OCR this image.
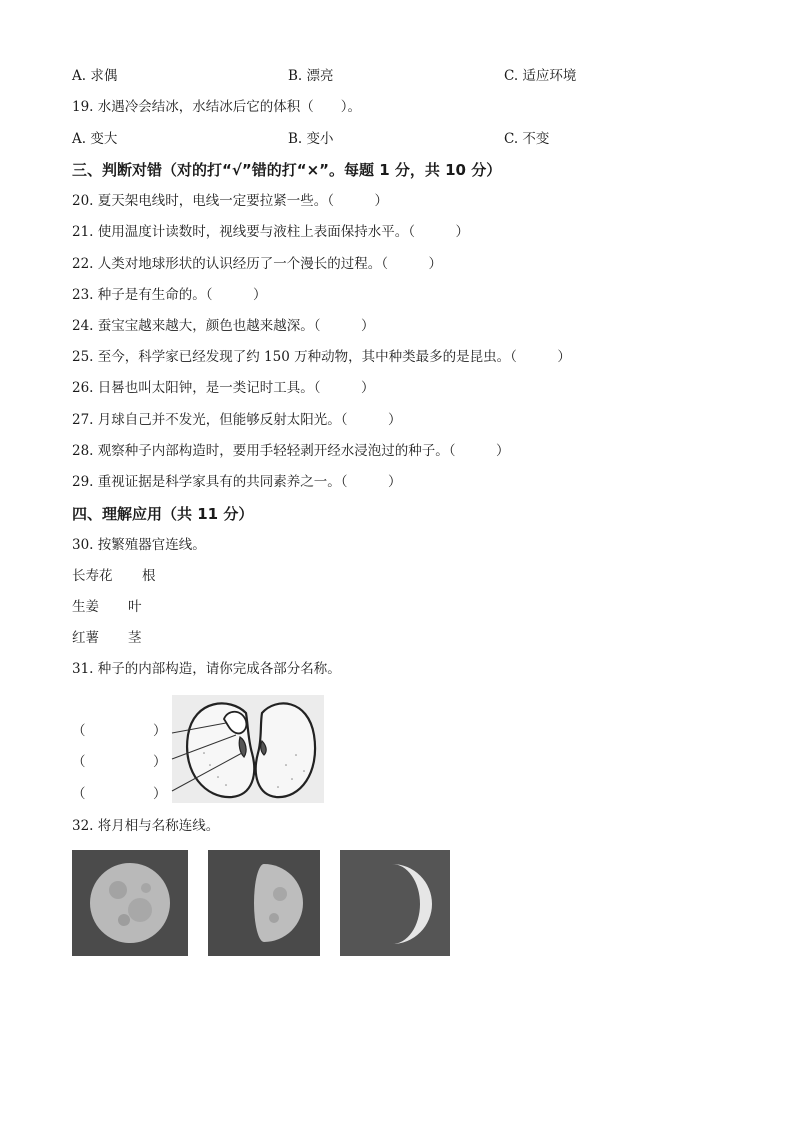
A. 求偶	B. 漂亮	C. 适应环境
19. 水遇冷会结冰，水结冰后它的体积（　　）。
A. 变大	B. 变小	C. 不变
三、判断对错（对的打“√”错的打“×”。每题 1 分，共 10 分）
20. 夏天架电线时，电线一定要拉紧一些。（　　　）
21. 使用温度计读数时，视线要与液柱上表面保持水平。（　　　）
22. 人类对地球形状的认识经历了一个漫长的过程。（　　　）
23. 种子是有生命的。（　　　）
24. 蚕宝宝越来越大，颜色也越来越深。（　　　）
25. 至今，科学家已经发现了约 150 万种动物，其中种类最多的是昆虫。（　　　）
26. 日晷也叫太阳钟，是一类记时工具。（　　　）
27. 月球自己并不发光，但能够反射太阳光。（　　　）
28. 观察种子内部构造时，要用手轻轻剥开经水浸泡过的种子。（　　　）
29. 重视证据是科学家具有的共同素养之一。（　　　）
四、理解应用（共 11 分）
30. 按繁殖器官连线。
长寿花 根
生姜 叶
红薯 茎
31. 种子的内部构造，请你完成各部分名称。
（　　　　　）
（　　　　　）
（　　　　　）
32. 将月相与名称连线。
